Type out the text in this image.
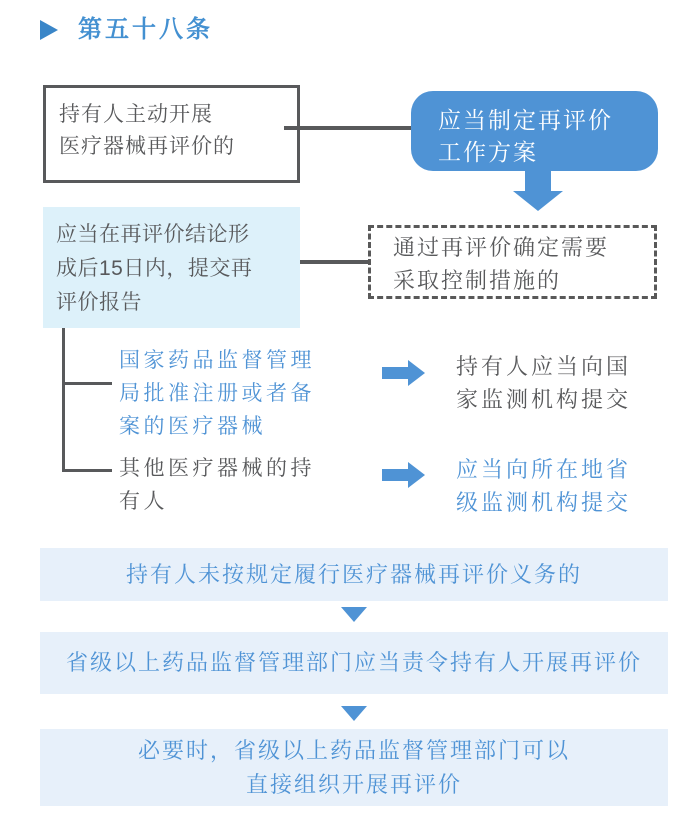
第五十八条
持有人主动开展
医疗器械再评价的
应当制定再评价
工作方案
通过再评价确定需要
采取控制措施的
应当在再评价结论形
成后15日内，提交再
评价报告
国家药品监督管理
局批准注册或者备
案的医疗器械
其他医疗器械的持
有人
持有人应当向国
家监测机构提交
应当向所在地省
级监测机构提交
持有人未按规定履行医疗器械再评价义务的
省级以上药品监督管理部门应当责令持有人开展再评价
必要时，省级以上药品监督管理部门可以
直接组织开展再评价
